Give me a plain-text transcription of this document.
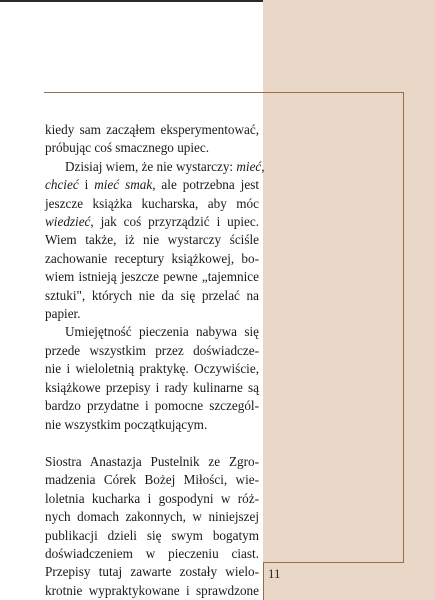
11
kiedy sam zacząłem eksperymentować,
próbując coś smacznego upiec.
Dzisiaj wiem, że nie wystarczy: mieć,
chcieć i mieć smak, ale potrzebna jest
jeszcze książka kucharska, aby móc
wiedzieć, jak coś przyrządzić i upiec.
Wiem także, iż nie wystarczy ściśle
zachowanie receptury książkowej, bo-
wiem istnieją jeszcze pewne „tajemnice
sztuki", których nie da się przelać na
papier.
Umiejętność pieczenia nabywa się
przede wszystkim przez doświadcze-
nie i wieloletnią praktykę. Oczywiście,
książkowe przepisy i rady kulinarne są
bardzo przydatne i pomocne szczegól-
nie wszystkim początkującym.
Siostra Anastazja Pustelnik ze Zgro-
madzenia Córek Bożej Miłości, wie-
loletnia kucharka i gospodyni w róż-
nych domach zakonnych, w niniejszej
publikacji dzieli się swym bogatym
doświadczeniem w pieczeniu ciast.
Przepisy tutaj zawarte zostały wielo-
krotnie wypraktykowane i sprawdzone
